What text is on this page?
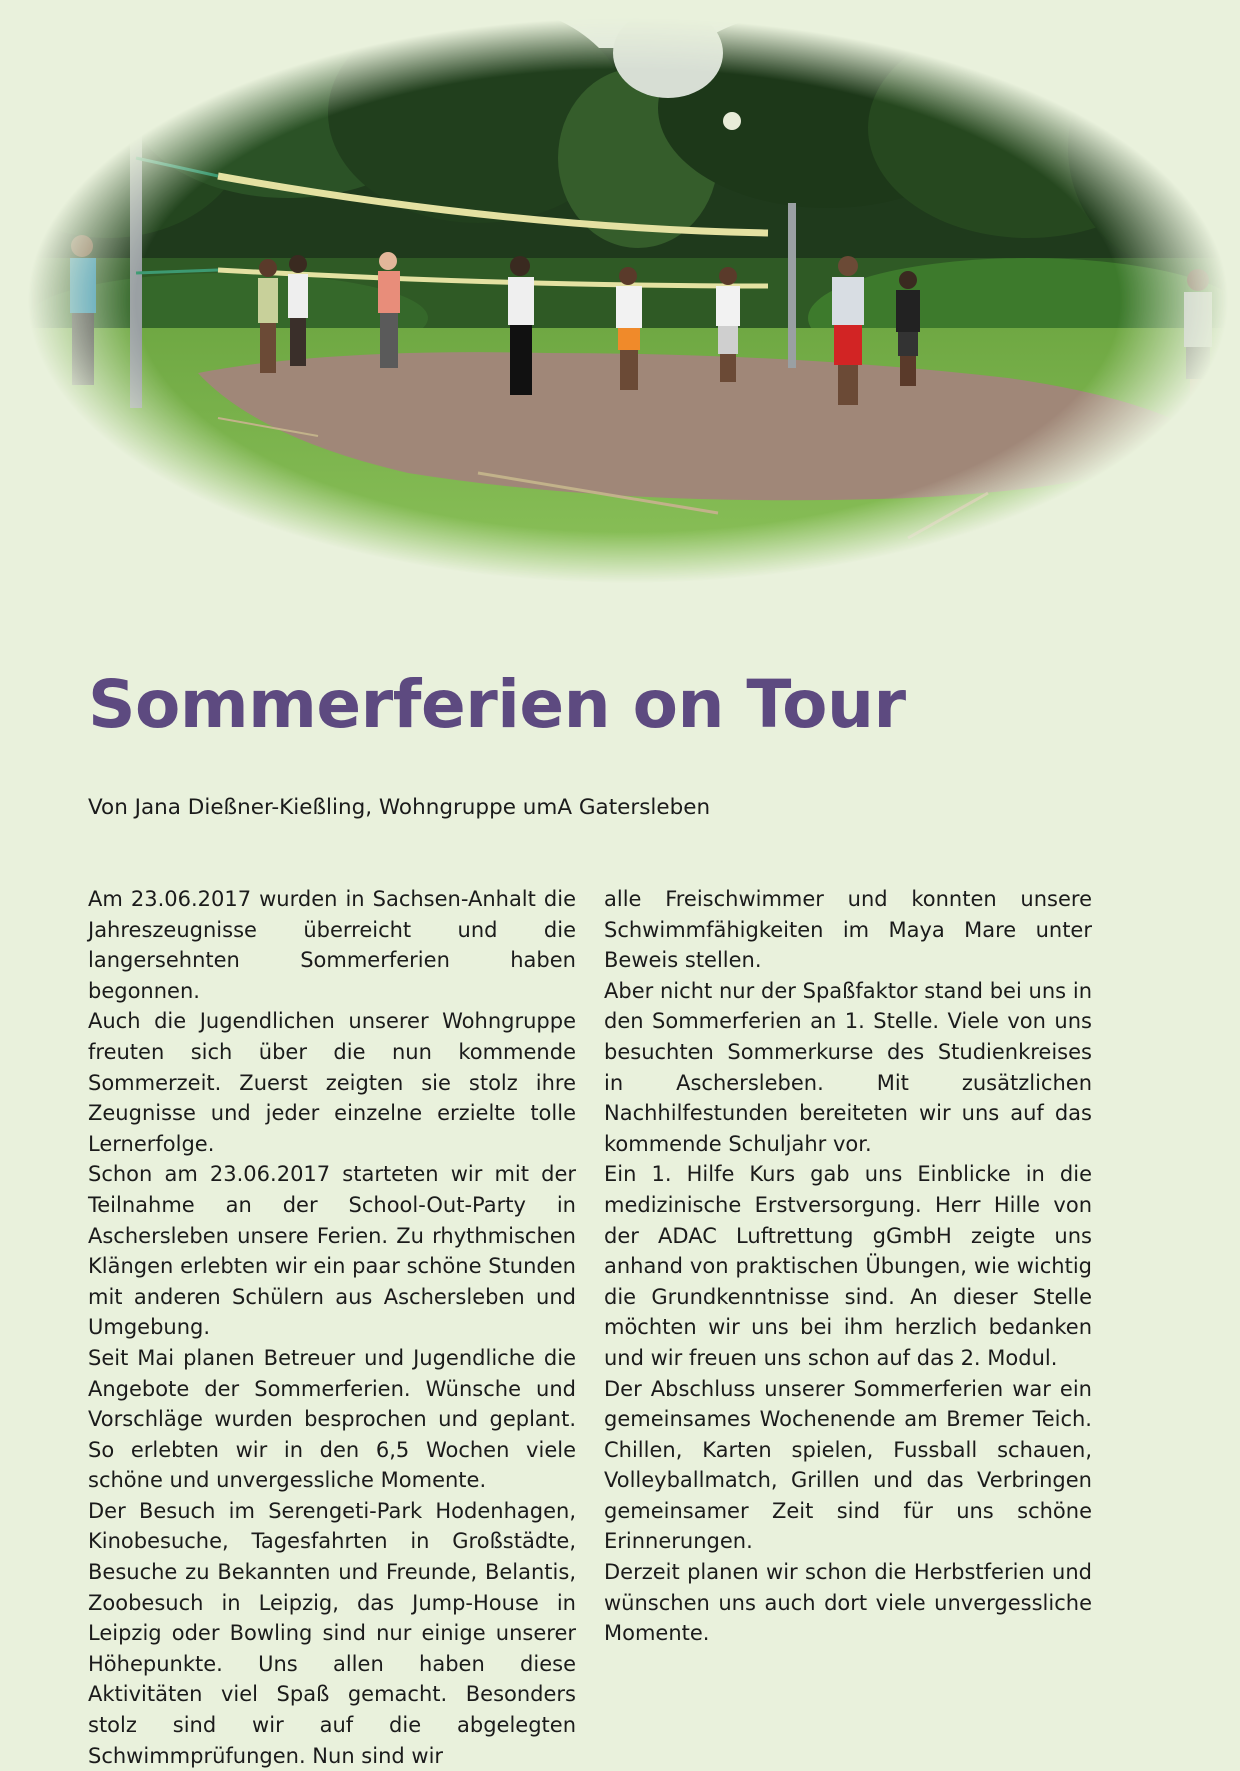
Sommerferien on Tour
Von Jana Dießner-Kießling, Wohngruppe umA Gatersleben

Am 23.06.2017 wurden in Sachsen-Anhalt die Jahreszeugnisse überreicht und die langersehnten Sommerferien haben begonnen.

Auch die Jugendlichen unserer Wohngruppe freuten sich über die nun kommende Sommerzeit. Zuerst zeigten sie stolz ihre Zeugnisse und jeder einzelne erzielte tolle Lernerfolge.

Schon am 23.06.2017 starteten wir mit der Teilnahme an der School-Out-Party in Aschersleben unsere Ferien. Zu rhythmischen Klängen erlebten wir ein paar schöne Stunden mit anderen Schülern aus Aschersleben und Umgebung.

Seit Mai planen Betreuer und Jugendliche die Angebote der Sommerferien. Wünsche und Vorschläge wurden besprochen und geplant. So erlebten wir in den 6,5 Wochen viele schöne und unvergessliche Momente.

Der Besuch im Serengeti-Park Hodenhagen, Kinobesuche, Tagesfahrten in Großstädte, Besuche zu Bekannten und Freunde, Belantis, Zoobesuch in Leipzig, das Jump-House in Leipzig oder Bowling sind nur einige unserer Höhepunkte. Uns allen haben diese Aktivitäten viel Spaß gemacht. Besonders stolz sind wir auf die abgelegten Schwimmprüfungen. Nun sind wir

alle Freischwimmer und konnten unsere Schwimmfähigkeiten im Maya Mare unter Beweis stellen.

Aber nicht nur der Spaßfaktor stand bei uns in den Sommerferien an 1. Stelle. Viele von uns besuchten Sommerkurse des Studienkreises in Aschersleben. Mit zusätzlichen Nachhilfestunden bereiteten wir uns auf das kommende Schuljahr vor.

Ein 1. Hilfe Kurs gab uns Einblicke in die medizinische Erstversorgung. Herr Hille von der ADAC Luftrettung gGmbH zeigte uns anhand von praktischen Übungen, wie wichtig die Grundkenntnisse sind. An dieser Stelle möchten wir uns bei ihm herzlich bedanken und wir freuen uns schon auf das 2. Modul.

Der Abschluss unserer Sommerferien war ein gemeinsames Wochenende am Bremer Teich. Chillen, Karten spielen, Fussball schauen, Volleyballmatch, Grillen und das Verbringen gemeinsamer Zeit sind für uns schöne Erinnerungen.

Derzeit planen wir schon die Herbstferien und wünschen uns auch dort viele unvergessliche Momente.
